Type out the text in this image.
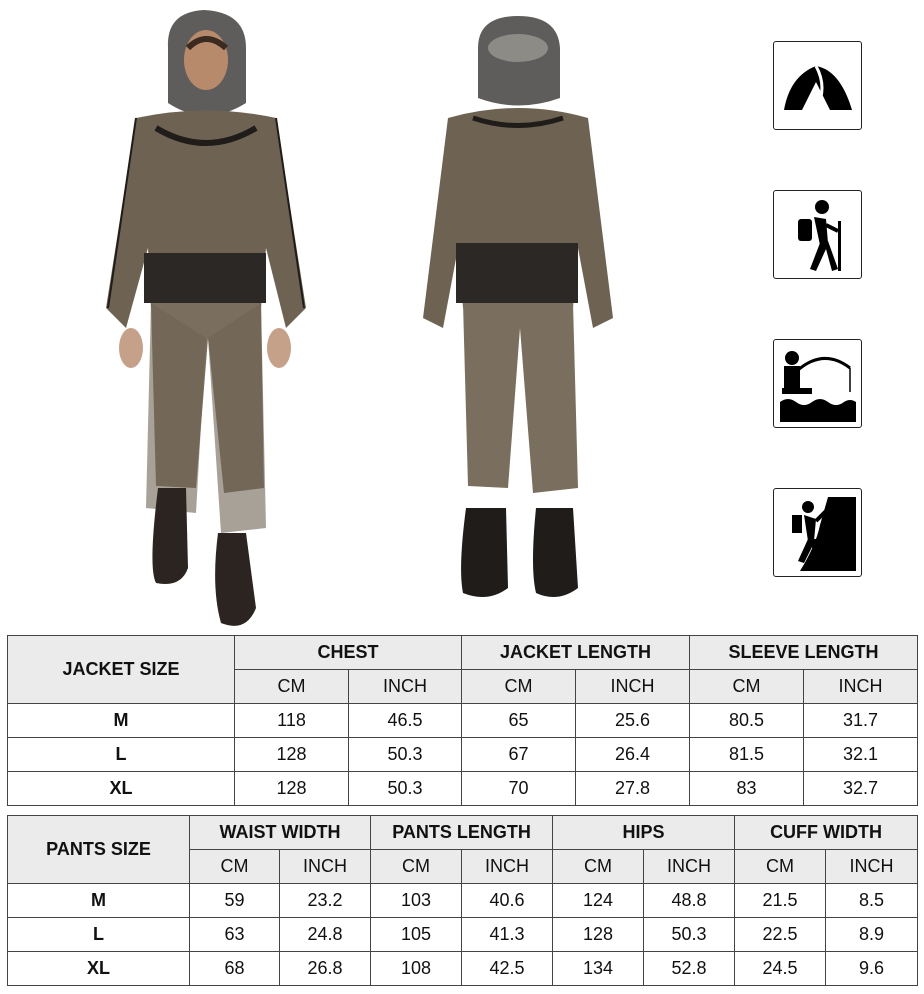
JACKET SIZE	CHEST		JACKET LENGTH		SLEEVE LENGTH	
	CM	INCH	CM	INCH	CM	INCH
M	118	46.5	65	25.6	80.5	31.7
L	128	50.3	67	26.4	81.5	32.1
XL	128	50.3	70	27.8	83	32.7
PANTS SIZE	WAIST WIDTH		PANTS LENGTH		HIPS		CUFF WIDTH	
	CM	INCH	CM	INCH	CM	INCH	CM	INCH
M	59	23.2	103	40.6	124	48.8	21.5	8.5
L	63	24.8	105	41.3	128	50.3	22.5	8.9
XL	68	26.8	108	42.5	134	52.8	24.5	9.6
